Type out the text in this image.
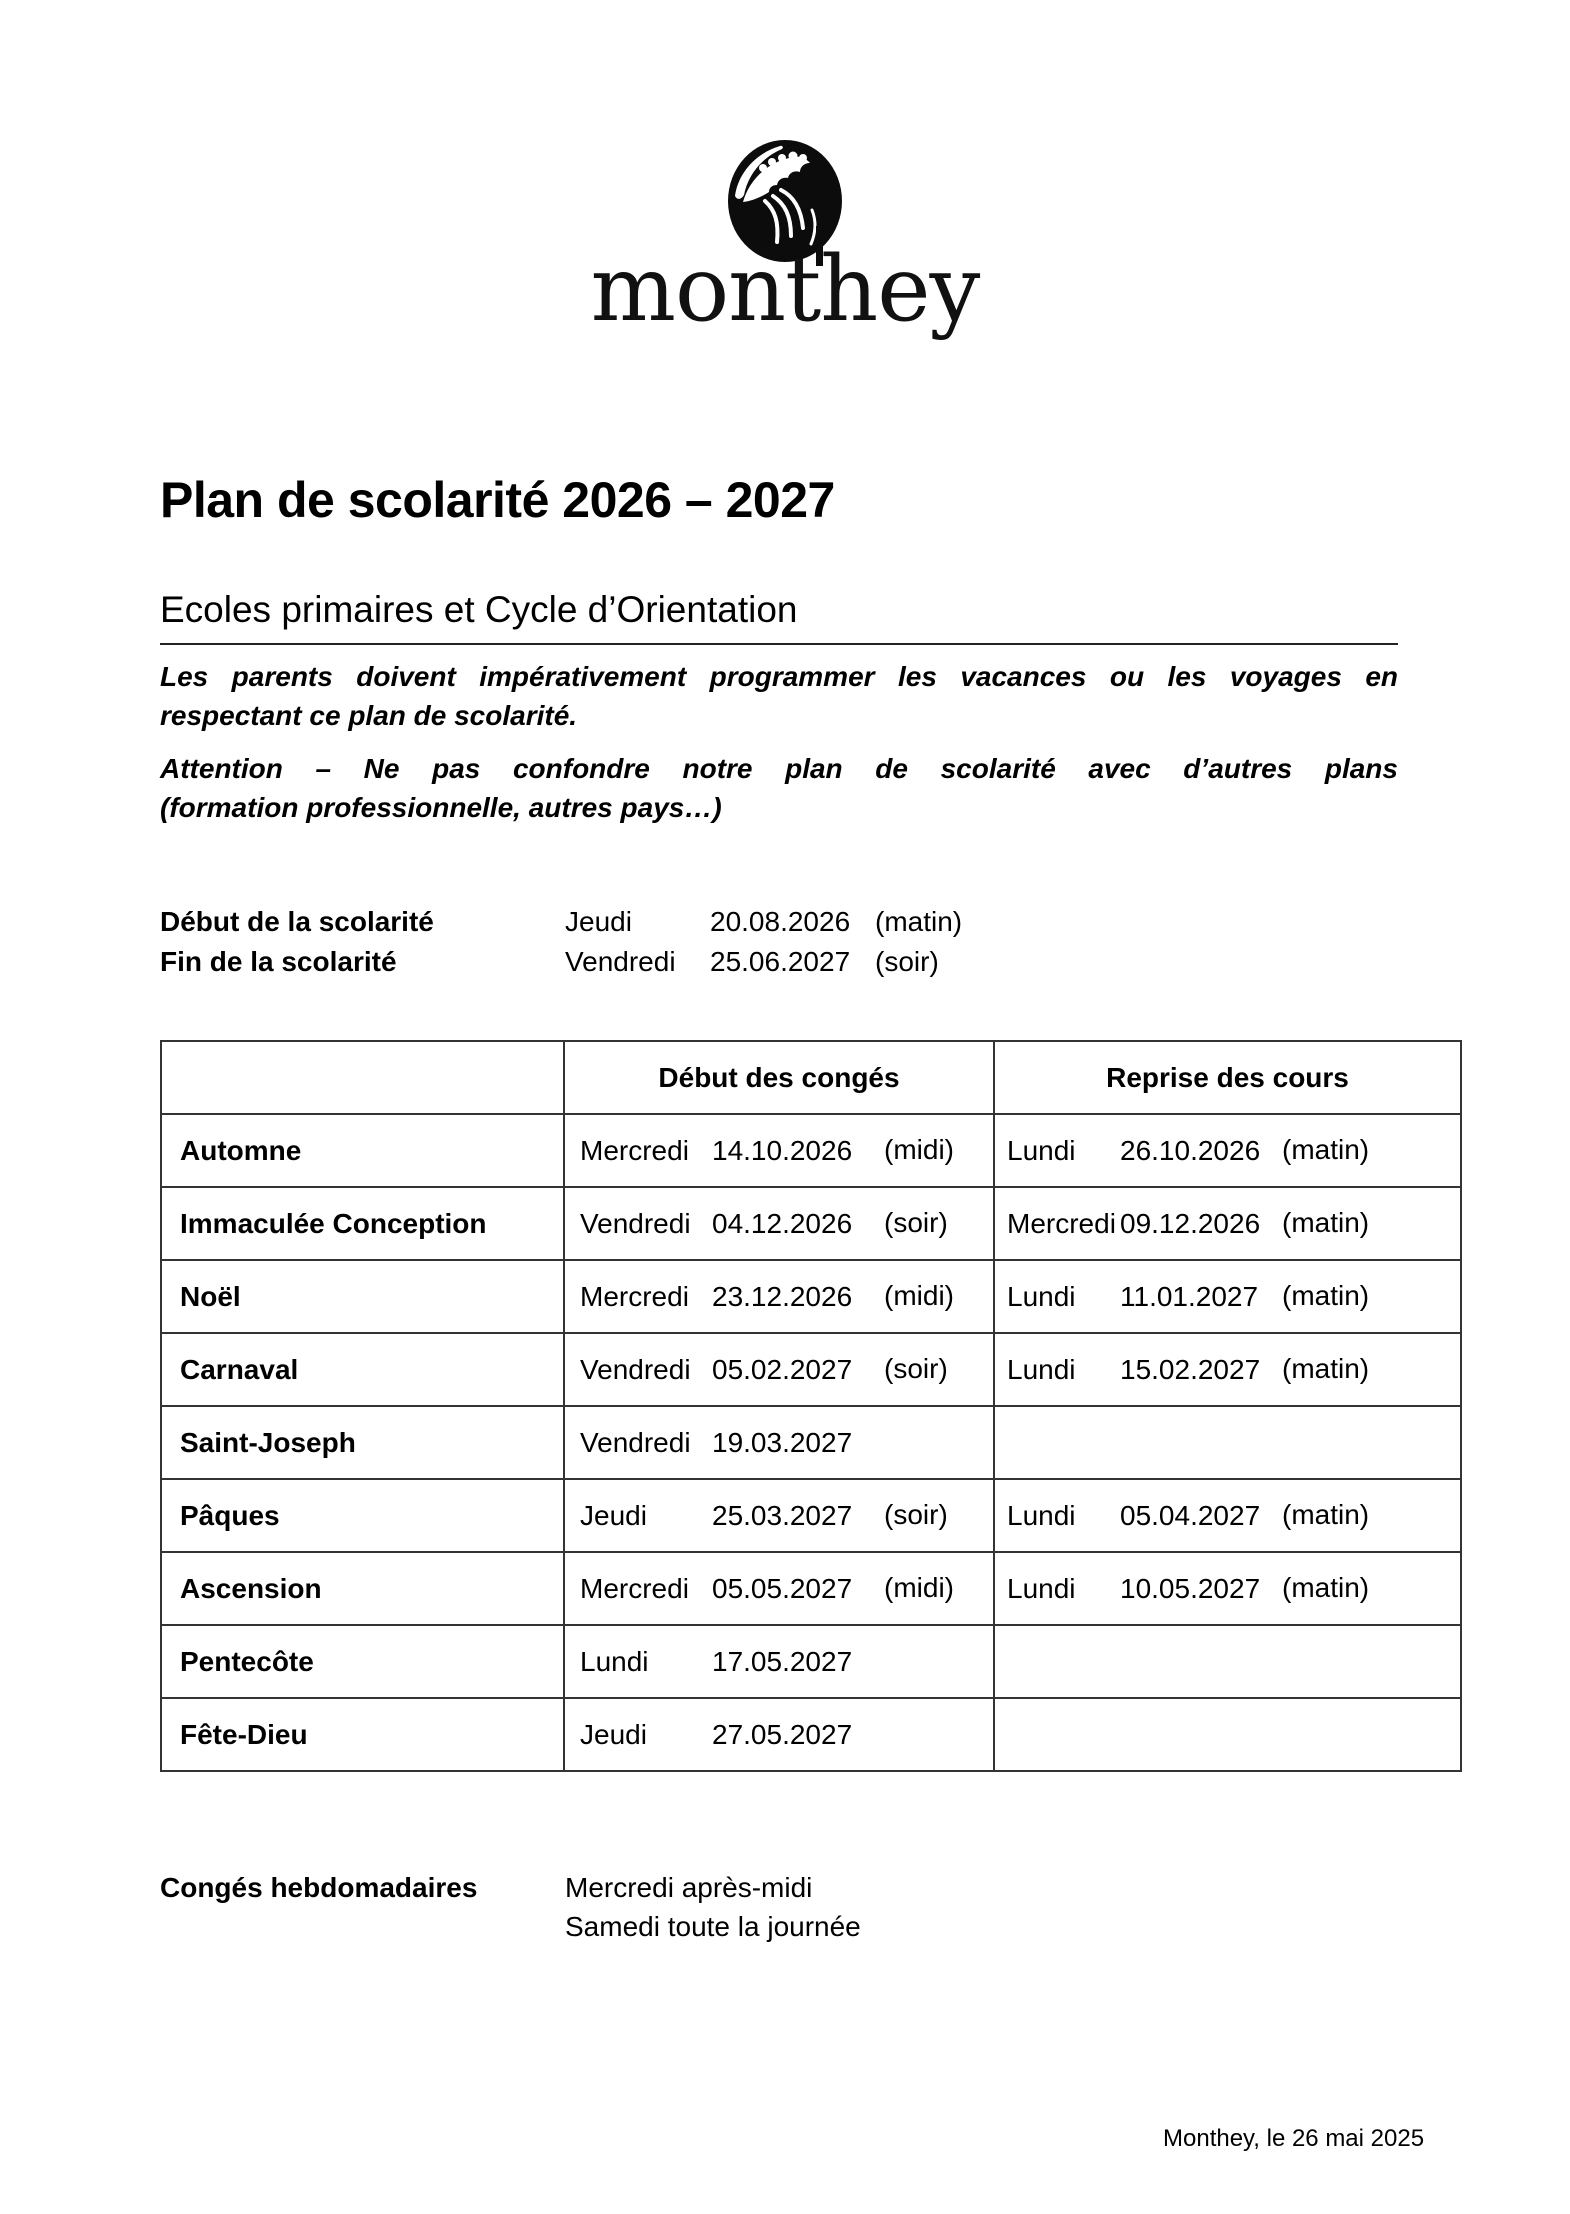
monthey
Plan de scolarité 2026 – 2027
Ecoles primaires et Cycle d’Orientation
Les parents doivent impérativement programmer les vacances ou les voyages en
respectant ce plan de scolarité.
Attention – Ne pas confondre notre plan de scolarité avec d’autres plans
(formation professionnelle, autres pays…)
Début de la scolarité	Jeudi	20.08.2026 (matin)
Fin de la scolarité	Vendredi	25.06.2027 (soir)
	Début des congés	Reprise des cours
Automne	Mercredi 14.10.2026 (midi)	Lundi 26.10.2026 (matin)
Immaculée Conception	Vendredi 04.12.2026 (soir)	Mercredi 09.12.2026 (matin)
Noël	Mercredi 23.12.2026 (midi)	Lundi 11.01.2027 (matin)
Carnaval	Vendredi 05.02.2027 (soir)	Lundi 15.02.2027 (matin)
Saint-Joseph	Vendredi 19.03.2027	
Pâques	Jeudi 25.03.2027 (soir)	Lundi 05.04.2027 (matin)
Ascension	Mercredi 05.05.2027 (midi)	Lundi 10.05.2027 (matin)
Pentecôte	Lundi 17.05.2027	
Fête-Dieu	Jeudi 27.05.2027	
Congés hebdomadaires	Mercredi après-midi
Samedi toute la journée
Monthey, le 26 mai 2025
